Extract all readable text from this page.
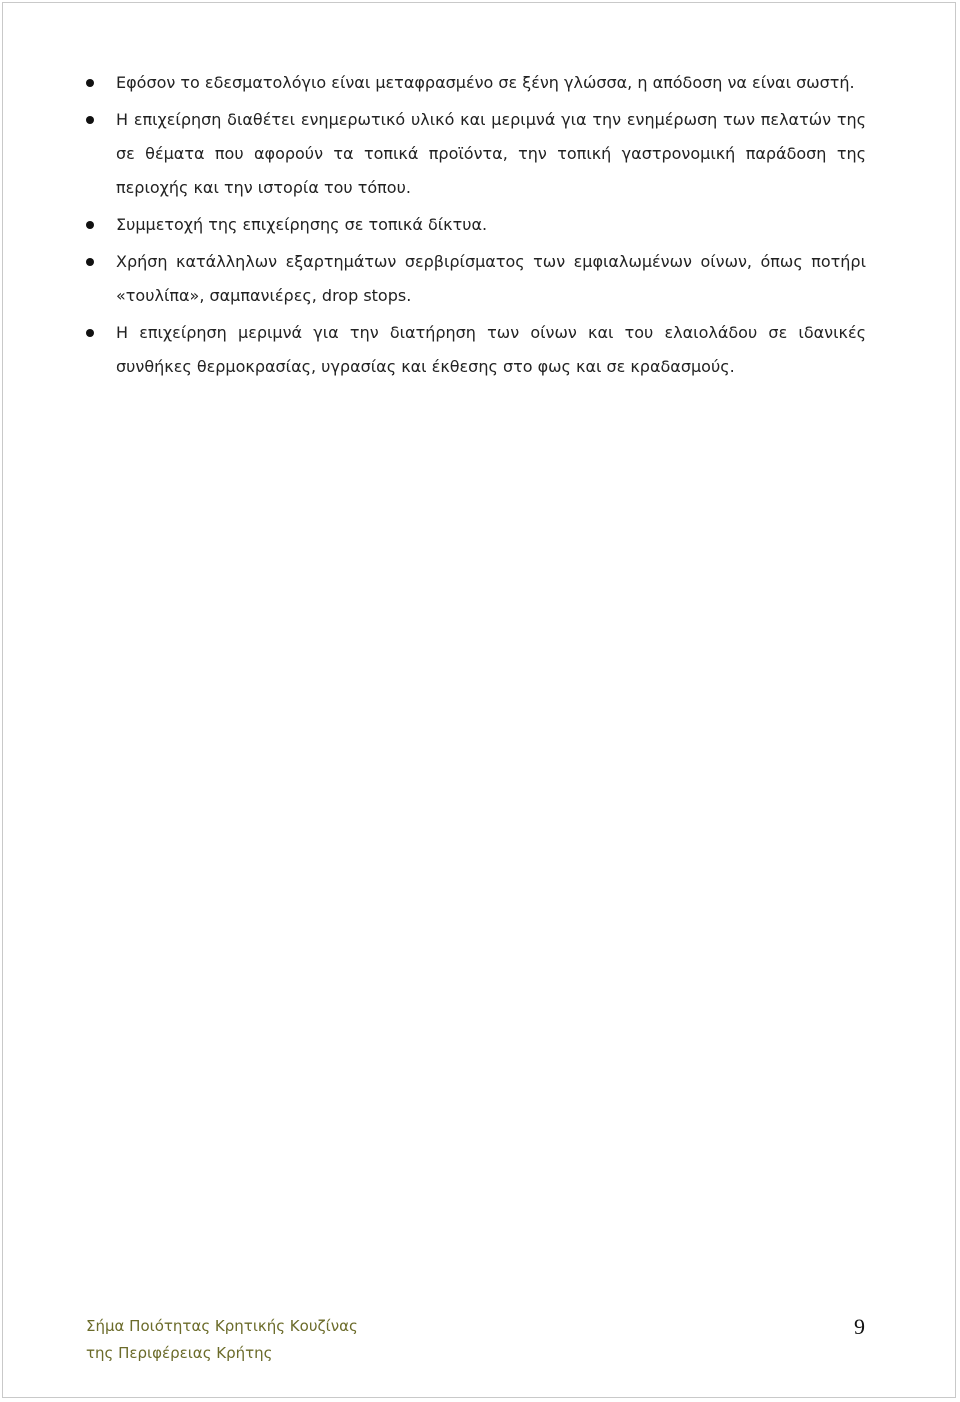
Εφόσον το εδεσματολόγιο είναι μεταφρασμένο σε ξένη γλώσσα, η απόδοση να είναι σωστή.
Η επιχείρηση διαθέτει ενημερωτικό υλικό και μεριμνά για την ενημέρωση των πελατών της σε θέματα που αφορούν τα τοπικά προϊόντα, την τοπική γαστρονομική παράδοση της περιοχής και την ιστορία του τόπου.
Συμμετοχή της επιχείρησης σε τοπικά δίκτυα.
Χρήση κατάλληλων εξαρτημάτων σερβιρίσματος των εμφιαλωμένων οίνων, όπως ποτήρι «τουλίπα», σαμπανιέρες, drop stops.
Η επιχείρηση μεριμνά για την διατήρηση των οίνων και του ελαιολάδου σε ιδανικές συνθήκες θερμοκρασίας, υγρασίας και έκθεσης στο φως και σε κραδασμούς.
Σήμα Ποιότητας Κρητικής Κουζίνας
της Περιφέρειας Κρήτης
9
